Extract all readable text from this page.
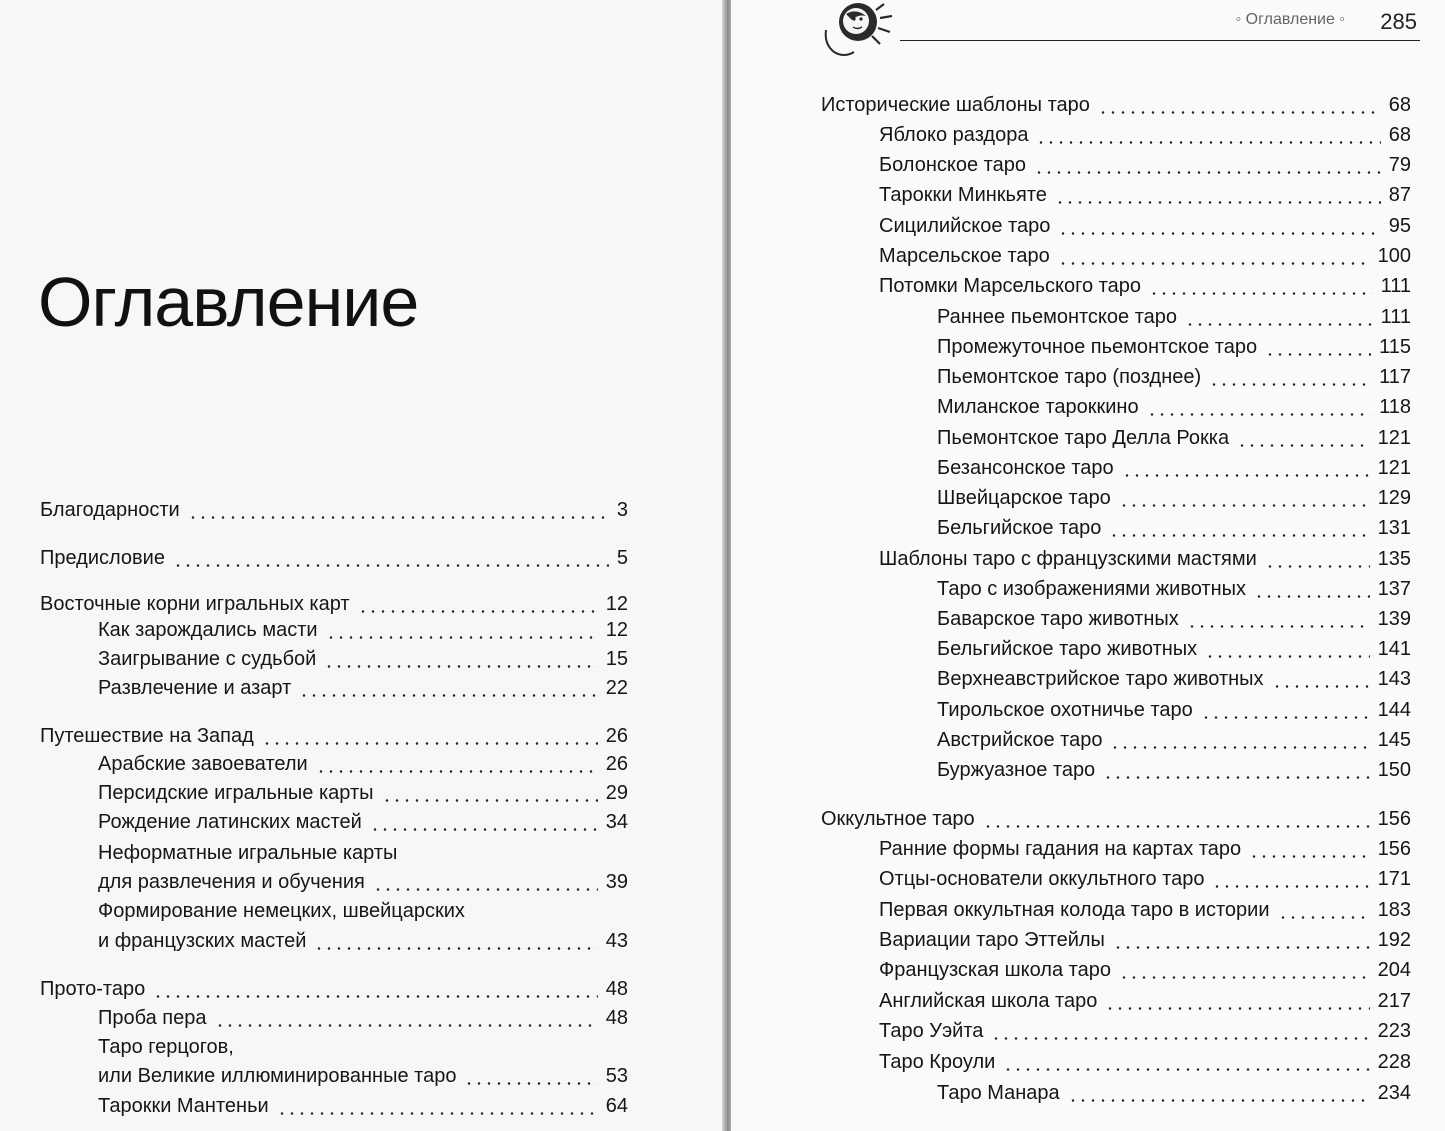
Оглавление
Благодарности	3
Предисловие	5
Восточные корни игральных карт	12
Как зарождались масти	12
Заигрывание с судьбой	15
Развлечение и азарт	22
Путешествие на Запад	26
Арабские завоеватели	26
Персидские игральные карты	29
Рождение латинских мастей	34
Неформатные игральные карты
для развлечения и обучения	39
Формирование немецких, швейцарских
и французских мастей	43
Прото-таро	48
Проба пера	48
Таро герцогов,
или Великие иллюминированные таро	53
Тарокки Мантеньи	64
Исторические шаблоны таро	68
Яблоко раздора	68
Болонское таро	79
Тарокки Минкьяте	87
Сицилийское таро	95
Марсельское таро	100
Потомки Марсельского таро	111
Раннее пьемонтское таро	111
Промежуточное пьемонтское таро	115
Пьемонтское таро (позднее)	117
Миланское тароккино	118
Пьемонтское таро Делла Рокка	121
Безансонское таро	121
Швейцарское таро	129
Бельгийское таро	131
Шаблоны таро с французскими мастями	135
Таро с изображениями животных	137
Баварское таро животных	139
Бельгийское таро животных	141
Верхнеавстрийское таро животных	143
Тирольское охотничье таро	144
Австрийское таро	145
Буржуазное таро	150
Оккультное таро	156
Ранние формы гадания на картах таро	156
Отцы-основатели оккультного таро	171
Первая оккультная колода таро в истории	183
Вариации таро Эттейлы	192
Французская школа таро	204
Английская школа таро	217
Таро Уэйта	223
Таро Кроули	228
Таро Манара	234
◦ Оглавление ◦ 285
